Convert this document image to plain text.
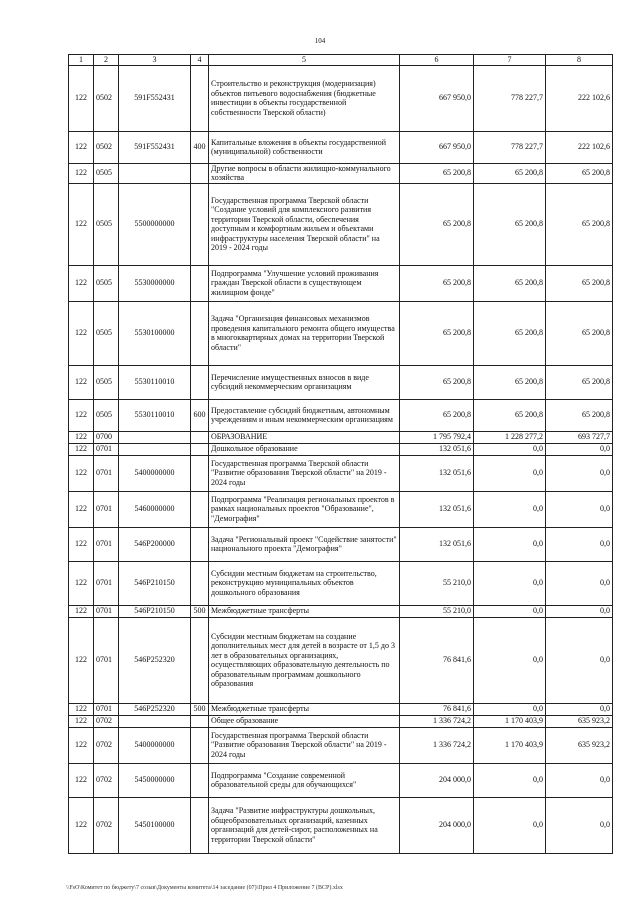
104
1	2	3	4	5	6	7	8
122	0502	591F552431		Строительство и реконструкция (модернизация) объектов питьевого водоснабжения (бюджетные инвестиции в объекты государственной собственности Тверской области)	667 950,0	778 227,7	222 102,6
122	0502	591F552431	400	Капитальные вложения в объекты государственной (муниципальной) собственности	667 950,0	778 227,7	222 102,6
122	0505			Другие вопросы в области жилищно-коммунального хозяйства	65 200,8	65 200,8	65 200,8
122	0505	5500000000		Государственная программа Тверской области "Создание условий для комплексного развития территории Тверской области, обеспечения доступным и комфортным жильем и объектами инфраструктуры населения Тверской области" на 2019 - 2024 годы	65 200,8	65 200,8	65 200,8
122	0505	5530000000		Подпрограмма "Улучшение условий проживания граждан Тверской области в существующем жилищном фонде"	65 200,8	65 200,8	65 200,8
122	0505	5530100000		Задача "Организация финансовых механизмов проведения капитального ремонта общего имущества в многоквартирных домах на территории Тверской области"	65 200,8	65 200,8	65 200,8
122	0505	5530110010		Перечисление имущественных взносов в виде субсидий некоммерческим организациям	65 200,8	65 200,8	65 200,8
122	0505	5530110010	600	Предоставление субсидий бюджетным, автономным учреждениям и иным некоммерческим организациям	65 200,8	65 200,8	65 200,8
122	0700			ОБРАЗОВАНИЕ	1 795 792,4	1 228 277,2	693 727,7
122	0701			Дошкольное образование	132 051,6	0,0	0,0
122	0701	5400000000		Государственная программа Тверской области "Развитие образования Тверской области" на 2019 - 2024 годы	132 051,6	0,0	0,0
122	0701	5460000000		Подпрограмма "Реализация региональных проектов в рамках национальных проектов "Образование", "Демография"	132 051,6	0,0	0,0
122	0701	546P200000		Задача "Региональный проект "Содействие занятости" национального проекта "Демография"	132 051,6	0,0	0,0
122	0701	546P210150		Субсидии местным бюджетам на строительство, реконструкцию муниципальных объектов дошкольного образования	55 210,0	0,0	0,0
122	0701	546P210150	500	Межбюджетные трансферты	55 210,0	0,0	0,0
122	0701	546P252320		Субсидии местным бюджетам на создание дополнительных мест для детей в возрасте от 1,5 до 3 лет в образовательных организациях, осуществляющих образовательную деятельность по образовательным программам дошкольного образования	76 841,6	0,0	0,0
122	0701	546P252320	500	Межбюджетные трансферты	76 841,6	0,0	0,0
122	0702			Общее образование	1 336 724,2	1 170 403,9	635 923,2
122	0702	5400000000		Государственная программа Тверской области "Развитие образования Тверской области" на 2019 - 2024 годы	1 336 724,2	1 170 403,9	635 923,2
122	0702	5450000000		Подпрограмма "Создание современной образовательной среды для обучающихся"	204 000,0	0,0	0,0
122	0702	5450100000		Задача "Развитие инфраструктуры дошкольных, общеобразовательных организаций, казенных организаций для детей-сирот, расположенных на территории Тверской области"	204 000,0	0,0	0,0
\\FsO\Комитет по бюджету\7 созыв\Документы комитета\14 заседание (07)\Прил 4 Приложение 7 (ВСР).xlsx
